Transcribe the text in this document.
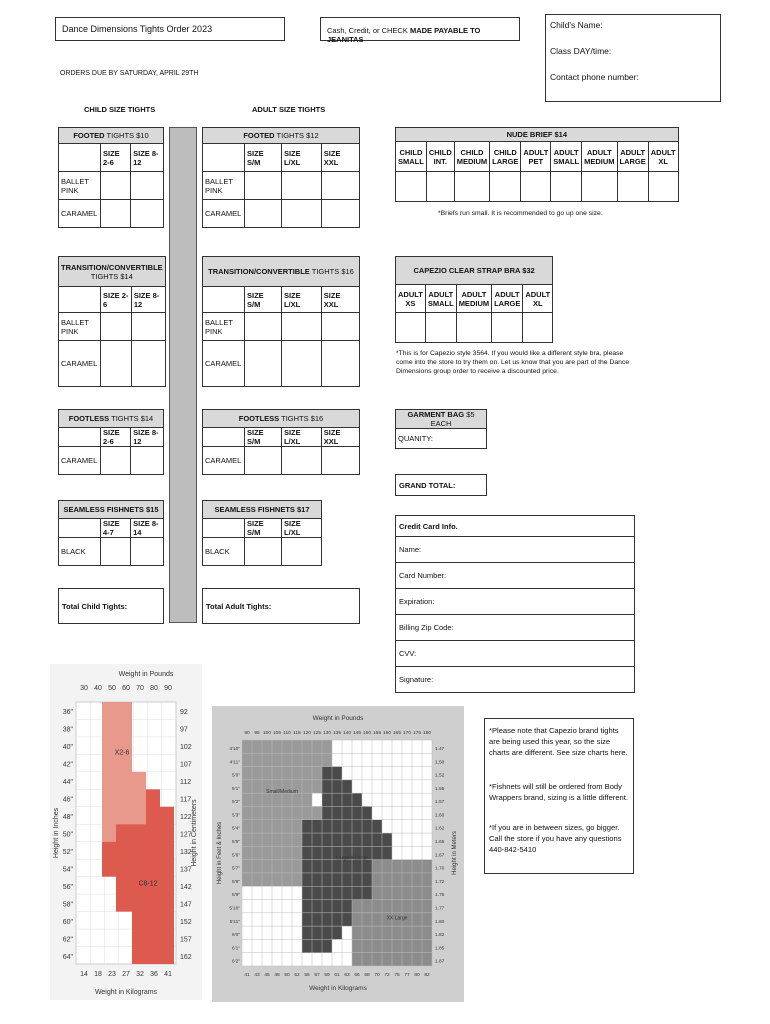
Dance Dimensions Tights Order 2023	Cash, Credit, or CHECK MADE PAYABLE TO JEANITAS
Child's Name:
Class DAY/time:
Contact phone number:
ORDERS DUE BY SATURDAY, APRIL 29TH
CHILD SIZE TIGHTS	ADULT SIZE TIGHTS
FOOTED TIGHTS $10		
	SIZE 2-6	SIZE 8-12
BALLET PINK		
CARAMEL		
FOOTED TIGHTS $12			
	SIZE S/M	SIZE L/XL	SIZE XXL
BALLET PINK			
CARAMEL			
NUDE BRIEF $14								
CHILD SMALL	CHILD INT.	CHILD MEDIUM	CHILD LARGE	ADULT PET	ADULT SMALL	ADULT MEDIUM	ADULT LARGE	ADULT XL

*Briefs run small. It is recommended to go up one size.
TRANSITION/CONVERTIBLE
TIGHTS $14		
	SIZE 2-6	SIZE 8-12
BALLET PINK		
CARAMEL		
TRANSITION/CONVERTIBLE TIGHTS $16			
	SIZE S/M	SIZE L/XL	SIZE XXL
BALLET PINK			
CARAMEL			
CAPEZIO CLEAR STRAP BRA $32				
ADULT XS	ADULT SMALL	ADULT MEDIUM	ADULT LARGE	ADULT XL

*This is for Capezio style 3564. If you would like a different style bra, please come into the store to try them on. Let us know that you are part of the Dance Dimensions group order to receive a discounted price.
FOOTLESS TIGHTS $14		
	SIZE 2-6	SIZE 8-12
CARAMEL		
FOOTLESS TIGHTS $16			
	SIZE S/M	SIZE L/XL	SIZE XXL
CARAMEL			
GARMENT BAG $5 EACH
QUANITY:
GRAND TOTAL:
SEAMLESS FISHNETS $15		
	SIZE 4-7	SIZE 8-14
BLACK		
SEAMLESS FISHNETS $17		
	SIZE S/M	SIZE L/XL
BLACK		
Total Child Tights:	Total Adult Tights:
Credit Card Info.
Name:
Card Number:
Expiration:
Billing Zip Code:
CVV:
Signature:
Weight in Pounds
30 40 50 60 70 80 90
36"
38"
40"
42"
44"
46"
48"
50"
52"
54"
56"
58"
60"
62"
64"
92
97
102
107
112
117
122
127
132
137
142
147
152
157
162
X2-6
C8-12
14 18 23 27 32 36 41
Weight in Kilograms
Height in Inches	Height in Centimeters
Weight in Pounds
90 95 100 105 110 115 120 125 130 135 140 145 150 155 160 165 170 175 180
4'10"
4'11"
5'0"
5'1"
5'2"
5'3"
5'4"
5'5"
5'6"
5'7"
5'8"
5'9"
5'10"
5'11"
6'0"
6'1"
6'2"
1.47
1.50
1.52
1.55
1.57
1.60
1.62
1.65
1.67
1.70
1.72
1.75
1.77
1.80
1.82
1.85
1.87
Small/Medium
Large/X Large
XX Large
41 43 45 48 50 52 55 57 59 61 63 66 68 70 72 75 77 80 82
Weight in Kilograms
Height in Feet & Inches	Height in Meters
*Please note that Capezio brand tights are being used this year, so the size charts are different. See size charts here.
*Fishnets will still be ordered from Body Wrappers brand, sizing is a little different.
*If you are in between sizes, go bigger. Call the store if you have any questions 440-842-5410
